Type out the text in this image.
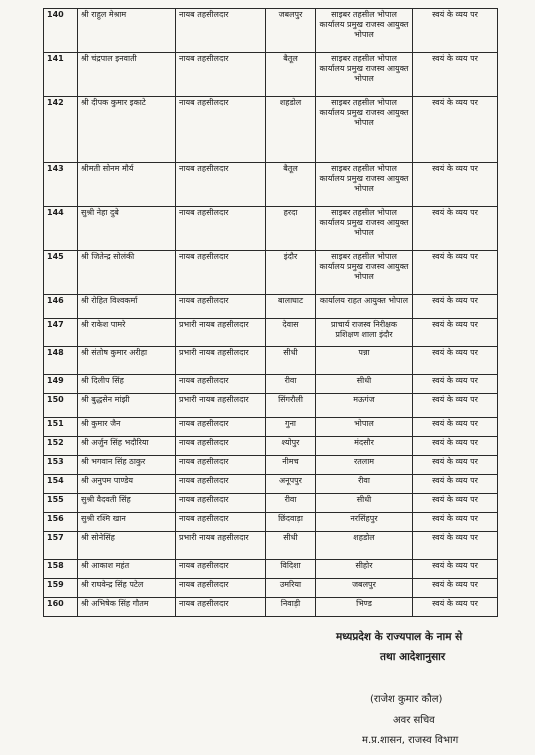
140	श्री राहुल मेश्राम	नायब तहसीलदार	जबलपुर	साइबर तहसील भोपाल कार्यालय प्रमुख राजस्व आयुक्त भोपाल	स्वयं के व्यय पर
141	श्री चंद्रपाल इनवाती	नायब तहसीलदार	बैतूल	साइबर तहसील भोपाल कार्यालय प्रमुख राजस्व आयुक्त भोपाल	स्वयं के व्यय पर
142	श्री दीपक कुमार इकाटे	नायब तहसीलदार	शहडोल	साइबर तहसील भोपाल कार्यालय प्रमुख राजस्व आयुक्त भोपाल	स्वयं के व्यय पर
143	श्रीमती सोनम मौर्य	नायब तहसीलदार	बैतूल	साइबर तहसील भोपाल कार्यालय प्रमुख राजस्व आयुक्त भोपाल	स्वयं के व्यय पर
144	सुश्री नेहा दुबे	नायब तहसीलदार	हरदा	साइबर तहसील भोपाल कार्यालय प्रमुख राजस्व आयुक्त भोपाल	स्वयं के व्यय पर
145	श्री जितेन्द्र सोलंकी	नायब तहसीलदार	इंदौर	साइबर तहसील भोपाल कार्यालय प्रमुख राजस्व आयुक्त भोपाल	स्वयं के व्यय पर
146	श्री रोहित विश्वकर्मा	नायब तहसीलदार	बालाघाट	कार्यालय राहत आयुक्त भोपाल	स्वयं के व्यय पर
147	श्री राकेश पामरे	प्रभारी नायब तहसीलदार	देवास	प्राचार्य राजस्व निरीक्षक प्रशिक्षण शाला इंदौर	स्वयं के व्यय पर
148	श्री संतोष कुमार अरीहा	प्रभारी नायब तहसीलदार	सीधी	पन्ना	स्वयं के व्यय पर
149	श्री दिलीप सिंह	नायब तहसीलदार	रीवा	सीधी	स्वयं के व्यय पर
150	श्री बुद्धसेन मांझी	प्रभारी नायब तहसीलदार	सिंगरौली	मऊगंज	स्वयं के व्यय पर
151	श्री कुमार जैन	नायब तहसीलदार	गुना	भोपाल	स्वयं के व्यय पर
152	श्री अर्जुन सिंह भदौरिया	नायब तहसीलदार	श्योपुर	मंदसौर	स्वयं के व्यय पर
153	श्री भगवान सिंह ठाकुर	नायब तहसीलदार	नीमच	रतलाम	स्वयं के व्यय पर
154	श्री अनुपम पाण्डेय	नायब तहसीलदार	अनूपपुर	रीवा	स्वयं के व्यय पर
155	सुश्री वैदवती सिंह	नायब तहसीलदार	रीवा	सीधी	स्वयं के व्यय पर
156	सुश्री रश्मि खान	नायब तहसीलदार	छिंदवाड़ा	नरसिंहपुर	स्वयं के व्यय पर
157	श्री सोनेसिंह	प्रभारी नायब तहसीलदार	सीधी	शहडोल	स्वयं के व्यय पर
158	श्री आकाश महंत	नायब तहसीलदार	विदिशा	सीहोर	स्वयं के व्यय पर
159	श्री राघवेन्द्र सिंह पटेल	नायब तहसीलदार	उमरिया	जबलपुर	स्वयं के व्यय पर
160	श्री अभिषेक सिंह गौतम	नायब तहसीलदार	निवाड़ी	भिण्ड	स्वयं के व्यय पर
मध्यप्रदेश के राज्यपाल के नाम से
तथा आदेशानुसार
(राजेश कुमार कौल)
अवर सचिव
म.प्र.शासन, राजस्व विभाग
